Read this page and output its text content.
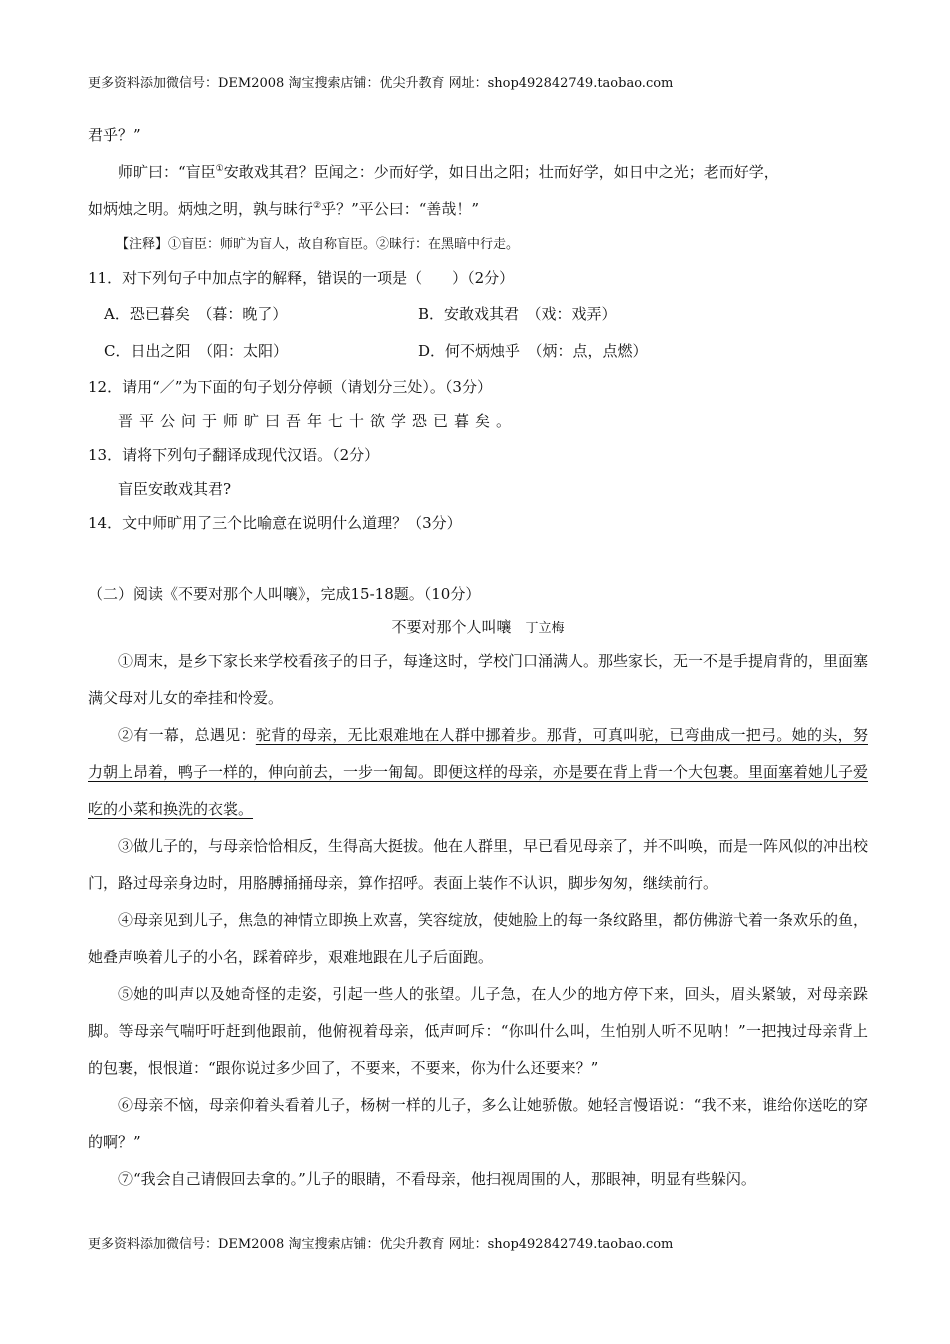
更多资料添加微信号：DEM2008 淘宝搜索店铺：优尖升教育 网址：shop492842749.taobao.com
君乎？”
师旷曰：“盲臣①安敢戏其君？臣闻之：少而好学，如日出之阳；壮而好学，如日中之光；老而好学，
如炳烛之明。炳烛之明，孰与昧行②乎？”平公曰：“善哉！”
【注释】①盲臣：师旷为盲人，故自称盲臣。②昧行：在黑暗中行走。
11．对下列句子中加点字的解释，错误的一项是（　　）（2分）
A．恐已暮矣　（暮：晚了）	B．安敢戏其君　（戏：戏弄）
C．日出之阳　（阳：太阳）	D．何不炳烛乎　（炳：点，点燃）
12．请用“／”为下面的句子划分停顿（请划分三处）。（3分）
晋平公问于师旷曰吾年七十欲学恐已暮矣。
13．请将下列句子翻译成现代汉语。（2分）
盲臣安敢戏其君?
14．文中师旷用了三个比喻意在说明什么道理？（3分）
（二）阅读《不要对那个人叫嚷》，完成15-18题。（10分）
不要对那个人叫嚷 丁立梅
①周末，是乡下家长来学校看孩子的日子，每逢这时，学校门口涌满人。那些家长，无一不是手提肩背的，里面塞满父母对儿女的牵挂和怜爱。
②有一幕，总遇见：驼背的母亲，无比艰难地在人群中挪着步。那背，可真叫驼，已弯曲成一把弓。她的头，努力朝上昂着，鸭子一样的，伸向前去，一步一匍匐。即便这样的母亲，亦是要在背上背一个大包裹。里面塞着她儿子爱吃的小菜和换洗的衣裳。
③做儿子的，与母亲恰恰相反，生得高大挺拔。他在人群里，早已看见母亲了，并不叫唤，而是一阵风似的冲出校门，路过母亲身边时，用胳膊捅捅母亲，算作招呼。表面上装作不认识，脚步匆匆，继续前行。
④母亲见到儿子，焦急的神情立即换上欢喜，笑容绽放，使她脸上的每一条纹路里，都仿佛游弋着一条欢乐的鱼，她叠声唤着儿子的小名，踩着碎步，艰难地跟在儿子后面跑。
⑤她的叫声以及她奇怪的走姿，引起一些人的张望。儿子急，在人少的地方停下来，回头，眉头紧皱，对母亲跺脚。等母亲气喘吁吁赶到他跟前，他俯视着母亲，低声呵斥：“你叫什么叫，生怕别人听不见呐！”一把拽过母亲背上的包裹，恨恨道：“跟你说过多少回了，不要来，不要来，你为什么还要来？”
⑥母亲不恼，母亲仰着头看着儿子，杨树一样的儿子，多么让她骄傲。她轻言慢语说：“我不来，谁给你送吃的穿的啊？”
⑦“我会自己请假回去拿的。”儿子的眼睛，不看母亲，他扫视周围的人，那眼神，明显有些躲闪。
更多资料添加微信号：DEM2008 淘宝搜索店铺：优尖升教育 网址：shop492842749.taobao.com
